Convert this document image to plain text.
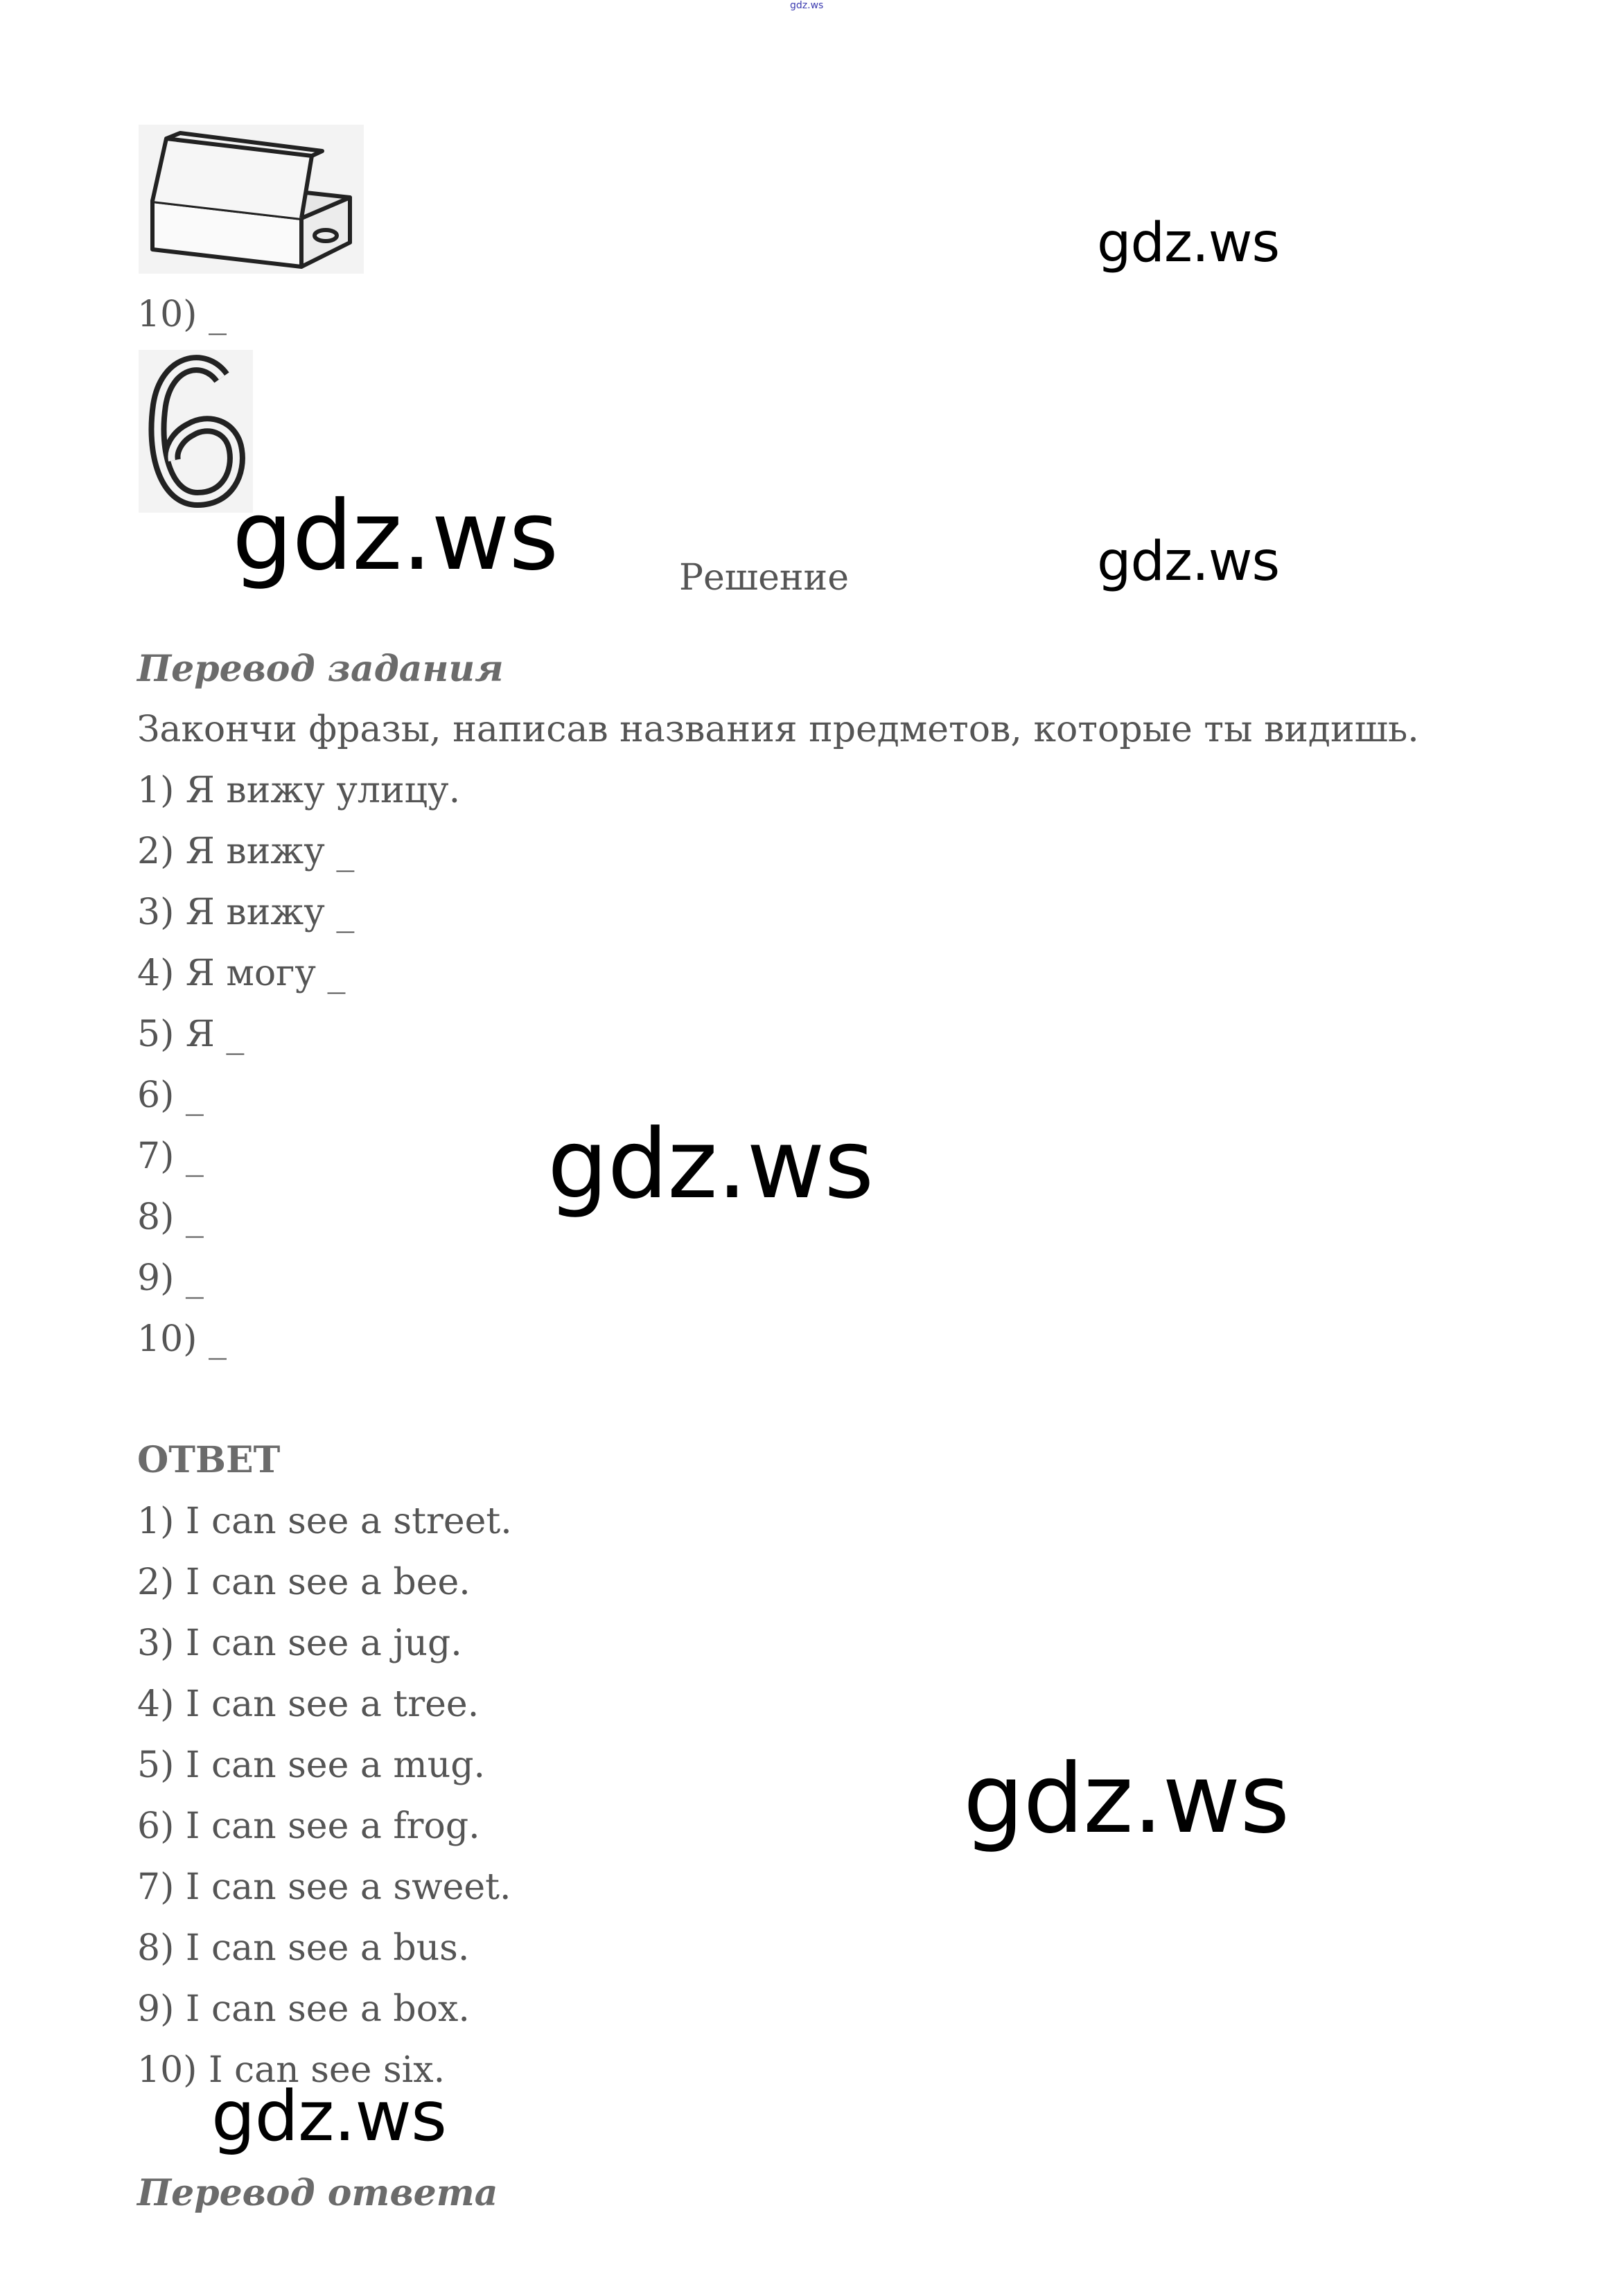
gdz.ws
10) _
gdz.ws
gdz.ws	gdz.ws
gdz.ws
gdz.ws
gdz.ws
Решение
Перевод задания
Закончи фразы, написав названия предметов, которые ты видишь.
1) Я вижу улицу.
2) Я вижу _
3) Я вижу _
4) Я могу _
5) Я _
6) _
7) _
8) _
9) _
10) _
ОТВЕТ
1) I can see a street.
2) I can see a bee.
3) I can see a jug.
4) I can see a tree.
5) I can see a mug.
6) I can see a frog.
7) I can see a sweet.
8) I can see a bus.
9) I can see a box.
10) I can see six.
Перевод ответа
